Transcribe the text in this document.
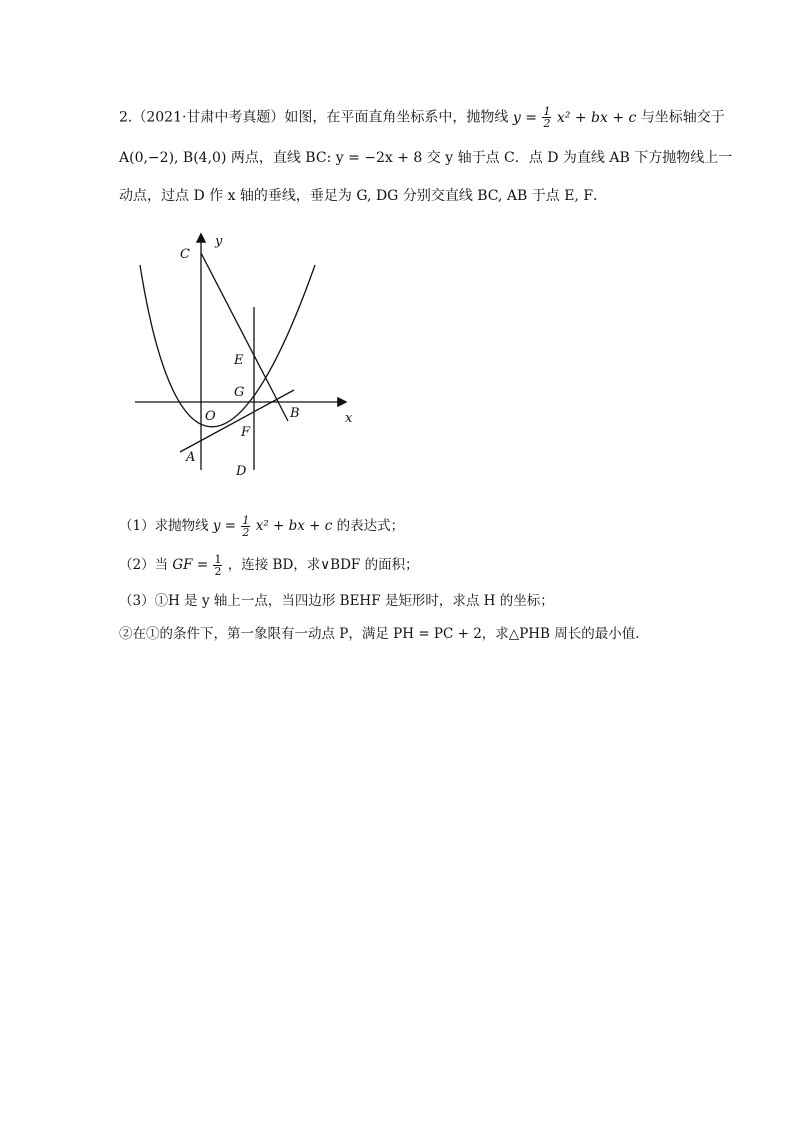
2.（2021·甘肃中考真题）如图，在平面直角坐标系中，抛物线 $y = \frac{1}{2} x^2$ + bx + c 与坐标轴交于
A(0,−2), B(4,0) 两点，直线 BC: y = −2x + 8 交 y 轴于点 C．点 D 为直线 AB 下方抛物线上一
动点，过点 D 作 x 轴的垂线，垂足为 G, DG 分别交直线 BC, AB 于点 E, F．
C
y
E
G
O	B	x
F
A
D
（1）求抛物线 $y = \frac{1}{2} x^2$ + bx + c 的表达式；
（2）当 GF = $\frac{1}{2}$ ，连接 BD，求∨BDF 的面积；
（3）①H 是 y 轴上一点，当四边形 BEHF 是矩形时，求点 H 的坐标；
②在①的条件下，第一象限有一动点 P，满足 PH = PC + 2，求△PHB 周长的最小值．
